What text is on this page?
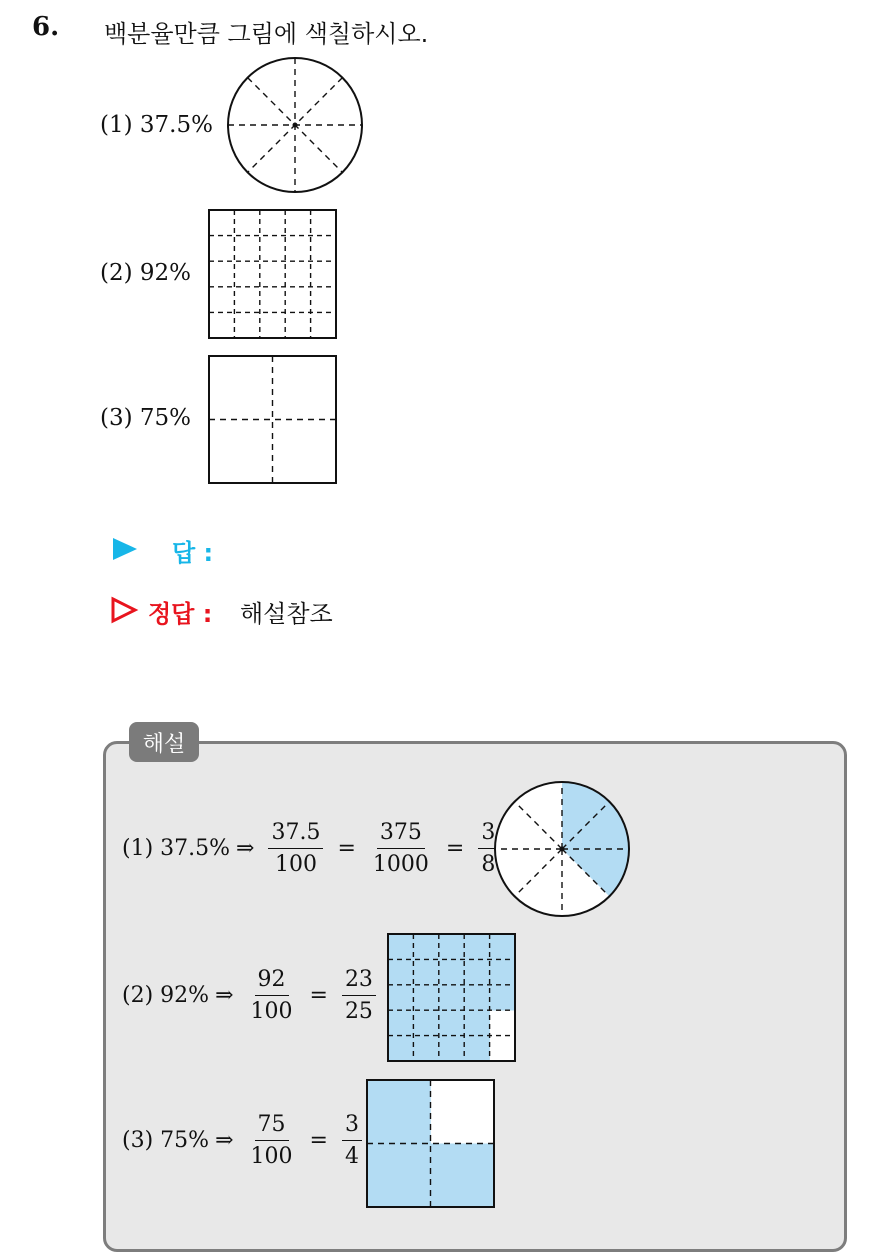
6. 백분율만큼 그림에 색칠하시오.
(1) 37.5%
(2) 92%
(3) 75%
답 :
정답 : 해설참조
해설
(1) 37.5% ⇒ $\frac{37.5}{100} = \frac{375}{1000} = \frac{3}{8}$
(2) 92% ⇒ $\frac{92}{100} = \frac{23}{25}$
(3) 75% ⇒ $\frac{75}{100} = \frac{3}{4}$
